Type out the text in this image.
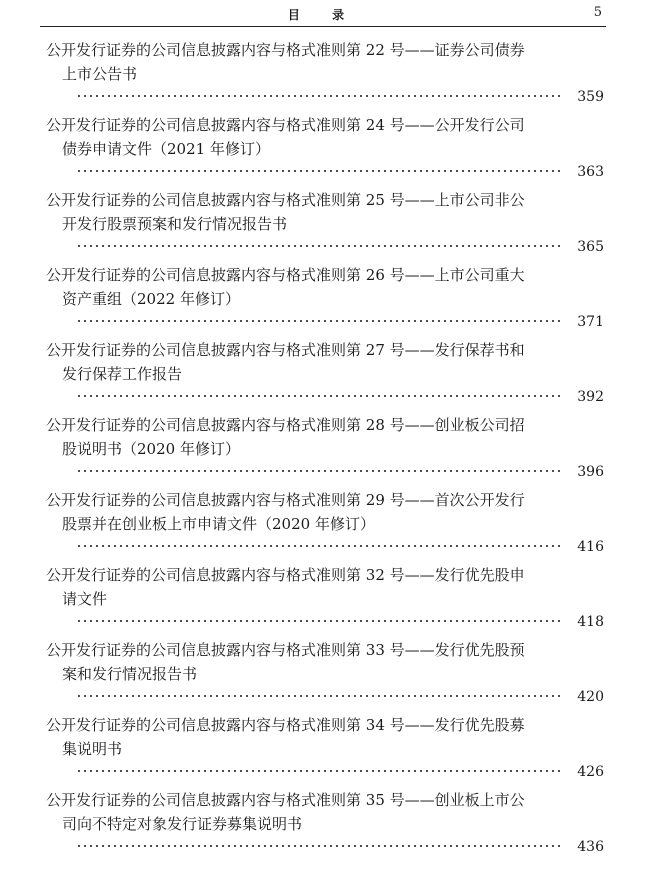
目 录	5
公开发行证券的公司信息披露内容与格式准则第 22 号——证券公司债券
上市公告书
359
公开发行证券的公司信息披露内容与格式准则第 24 号——公开发行公司
债券申请文件（2021 年修订）
363
公开发行证券的公司信息披露内容与格式准则第 25 号——上市公司非公
开发行股票预案和发行情况报告书
365
公开发行证券的公司信息披露内容与格式准则第 26 号——上市公司重大
资产重组（2022 年修订）
371
公开发行证券的公司信息披露内容与格式准则第 27 号——发行保荐书和
发行保荐工作报告
392
公开发行证券的公司信息披露内容与格式准则第 28 号——创业板公司招
股说明书（2020 年修订）
396
公开发行证券的公司信息披露内容与格式准则第 29 号——首次公开发行
股票并在创业板上市申请文件（2020 年修订）
416
公开发行证券的公司信息披露内容与格式准则第 32 号——发行优先股申
请文件
418
公开发行证券的公司信息披露内容与格式准则第 33 号——发行优先股预
案和发行情况报告书
420
公开发行证券的公司信息披露内容与格式准则第 34 号——发行优先股募
集说明书
426
公开发行证券的公司信息披露内容与格式准则第 35 号——创业板上市公
司向不特定对象发行证券募集说明书
436
